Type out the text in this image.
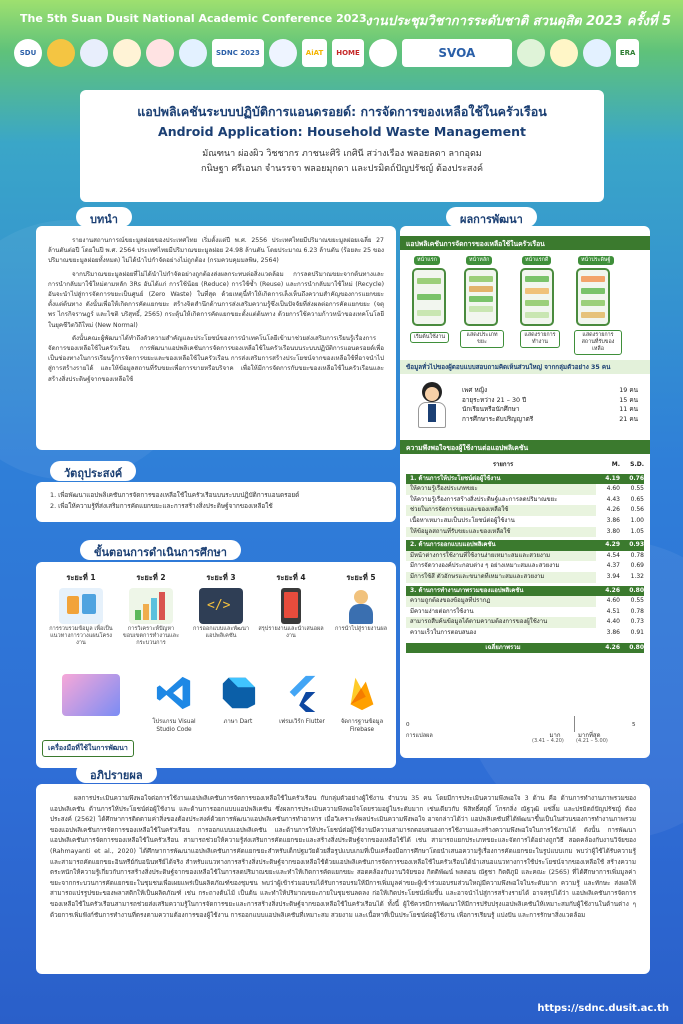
The 5th Suan Dusit National Academic Conference 2023
งานประชุมวิชาการระดับชาติ สวนดุสิต 2023 ครั้งที่ 5
SDU	SDNC 2023	AiAT HOME	SVOA	ERA
แอปพลิเคชันระบบปฏิบัติการแอนดรอยด์: การจัดการของเหลือใช้ในครัวเรือน
Android Application: Household Waste Management
มัณฑนา ผ่องผิว วิชชากร ภาชนะศิริ เกศินี สว่างเรือง พลอยลดา ลากอุดม
กนิษฐา ศรีเอนก จำนรรจา พลอยมุกดา และปรมิตถ์ปัญปรัชญ์ ต้องประสงค์
บทนำ

รายงานสถานการณ์ขยะมูลฝอยของประเทศไทย เริ่มตั้งแต่ปี พ.ศ. 2556 ประเทศไทยมีปริมาณขยะมูลฝอยเฉลี่ย 27 ล้านตันต่อปี โดยในปี พ.ศ. 2564 ประเทศไทยมีปริมาณขยะมูลฝอย 24.98 ล้านตัน โดยประมาณ 6.23 ล้านตัน (ร้อยละ 25 ของปริมาณขยะมูลฝอยทั้งหมด) ไม่ได้นำไปกำจัดอย่างไม่ถูกต้อง (กรมควบคุมมลพิษ, 2564)

จากปริมาณขยะมูลฝอยที่ไม่ได้นำไปกำจัดอย่างถูกต้องส่งผลกระทบต่อสิ่งแวดล้อม การลดปริมาณขยะจากต้นทางและการนำกลับมาใช้ใหม่ตามหลัก 3Rs อันได้แก่ การใช้น้อย (Reduce) การใช้ซ้ำ (Reuse) และการนำกลับมาใช้ใหม่ (Recycle) อันจะนำไปสู่การจัดการขยะเป็นศูนย์ (Zero Waste) ในที่สุด ด้วยเหตุนี้ทำให้เกิดการเล็งเห็นถึงความสำคัญของการแยกขยะตั้งแต่ต้นทาง ดังนั้นเพื่อให้เกิดการคัดแยกขยะ สร้างจิตสำนึกด้านการส่งเสริมความรู้ซึ่งเป็นปัจจัยที่ส่งผลต่อการคัดแยกขยะ (จตุพร ไกรกิจราษฎร์ และไชติ บริสุทธิ์, 2565) กระตุ้นให้เกิดการคัดแยกขยะตั้งแต่ต้นทาง ด้วยการใช้ความก้าวหน้าของเทคโนโลยีในยุคชีวิตวิถีใหม่ (New Normal)

ดังนั้นคณะผู้พัฒนาได้ทำถึงตัวความสำคัญและประโยชน์ของการนำเทคโนโลยีเข้ามาช่วยส่งเสริมการเรียนรู้เรื่องการจัดการของเหลือใช้ในครัวเรือน การพัฒนาแอปพลิเคชันการจัดการของเหลือใช้ในครัวเรือนบนระบบปฏิบัติการแอนดรอยด์เพื่อเป็นช่องทางในการเรียนรู้การจัดการขยะและของเหลือใช้ในครัวเรือน การส่งเสริมการสร้างประโยชน์จากของเหลือใช้ที่อาจนำไปสู่การสร้างรายได้ และให้ข้อมูลสถานที่รับขยะเพื่อการขายหรือบริจาค เพื่อให้มีการจัดการกับขยะของเหลือใช้ในครัวเรือนและสร้างสิ่งประดิษฐ์จากของเหลือใช้

วัตถุประสงค์
1. เพื่อพัฒนาแอปพลิเคชันการจัดการของเหลือใช้ในครัวเรือนบนระบบปฏิบัติการแอนดรอยด์
2. เพื่อให้ความรู้ที่ส่งเสริมการคัดแยกขยะและการสร้างสิ่งประดิษฐ์จากของเหลือใช้
ขั้นตอนการดำเนินการศึกษา
ระยะที่ 1
การรวบรวมข้อมูล เพื่อเป็นแนวทางการวางแผนโครงงาน
ระยะที่ 2
การวิเคราะห์ปัญหา ขอบเขตการทำงานและกระบวนการ
ระยะที่ 3
</>
การออกแบบและพัฒนาแอปพลิเคชัน
ระยะที่ 4
สรุปรายงานและนำเสนอผลงาน
ระยะที่ 5
การนำไปสู่รายงานผล
เครื่องมือที่ใช้ในการพัฒนา
โปรแกรม Visual Studio Code
ภาษา Dart	เฟรมเวิร์ก Flutter	จัดการฐานข้อมูล Firebase
ผลการพัฒนา
แอปพลิเคชันการจัดการของเหลือใช้ในครัวเรือน
หน้าแรก	หน้าหลัก	หน้าแรกดี	หน้าประดิษฐ์
เริ่มต้นใช้งาน	แสดงประเภทขยะ
แสดงรายการทำงาน
แสดงรายการสถานที่รับของเหลือ
ข้อมูลทั่วไปของผู้ตอบแบบสอบถามคิดเห็นส่วนใหญ่ จากกลุ่มตัวอย่าง 35 คน
เพศ หญิง	19 คน
อายุระหว่าง 21 – 30 ปี	15 คน
นักเรียนหรือนักศึกษา	11 คน
การศึกษาระดับปริญญาตรี	21 คน
ความพึงพอใจของผู้ใช้งานต่อแอปพลิเคชัน
รายการ	M.	S.D.
1. ด้านการให้ประโยชน์ต่อผู้ใช้งาน	4.19	0.76
ให้ความรู้เรื่องประเภทขยะ	4.60	0.55
ให้ความรู้เรื่องการสร้างสิ่งประดิษฐ์และการลดปริมาณขยะ	4.43	0.65
ช่วยในการจัดการขยะและของเหลือใช้	4.26	0.56
เนื้อหาเหมาะสมเป็นประโยชน์ต่อผู้ใช้งาน	3.86	1.00
ให้ข้อมูลสถานที่รับขยะและของเหลือใช้	3.80	1.05
2. ด้านการออกแบบแอปพลิเคชัน	4.29	0.93
มีหน้าต่างการใช้งานที่ใช้งานง่ายเหมาะสมและสวยงาม	4.54	0.78
มีการจัดวางองค์ประกอบต่าง ๆ อย่างเหมาะสมและสวยงาม	4.37	0.69
มีการใช้สี ตัวอักษรและขนาดที่เหมาะสมและสวยงาม	3.94	1.32
3. ด้านการทำงานภาพรวมของแอปพลิเคชัน	4.26	0.80
ความถูกต้องของข้อมูลที่ปรากฏ	4.60	0.55
มีความง่ายต่อการใช้งาน	4.51	0.78
สามารถสืบค้นข้อมูลได้ตามความต้องการของผู้ใช้งาน	4.40	0.73
ความเร็วในการตอบสนอง	3.86	0.91
เฉลี่ยภาพรวม	4.26	0.80
0
การแปลผล	มาก
(3.41 – 4.20)
มากที่สุด
(4.21 – 5.00)
5
อภิปรายผล

ผลการประเมินความพึงพอใจต่อการใช้งานแอปพลิเคชันการจัดการของเหลือใช้ในครัวเรือน กับกลุ่มตัวอย่างผู้ใช้งาน จำนวน 35 คน โดยมีการประเมินความพึงพอใจ 3 ด้าน คือ ด้านการทำงานภาพรวมของแอปพลิเคชัน ด้านการให้ประโยชน์ต่อผู้ใช้งาน และด้านการออกแบบแอปพลิเคชัน ซึ่งผลการประเมินความพึงพอใจโดยรวมอยู่ในระดับมาก เช่นเดียวกับ พิสิทธิ์ศฤดิ์ โกรกลิ่ง ณัฐวุฒิ แซ่ลิ้ม และปรมิตถ์ปัญปรัชญ์ ต้องประสงค์ (2562) ได้ศึกษาการติดตามค่าสิ่งของต้องประสงค์ด้วยการพัฒนาแอปพลิเคชันการทำอาหาร เมื่อวิเคราะห์ผลประเมินความพึงพอใจ อาจกล่าวได้ว่า แอปพลิเคชันที่ได้พัฒนาขึ้นเป็นในส่วนของการทำงานภาพรวมของแอปพลิเคชันการจัดการของเหลือใช้ในครัวเรือน การออกแบบแอปพลิเคชัน และด้านการให้ประโยชน์ต่อผู้ใช้งานมีความสามารถตอบสนองการใช้งานและสร้างความพึงพอใจในการใช้งานได้ ดังนั้น การพัฒนาแอปพลิเคชันการจัดการของเหลือใช้ในครัวเรือน สามารถช่วยให้ความรู้ส่งเสริมการคัดแยกขยะและสร้างสิ่งประดิษฐ์จากของเหลือใช้ได้ เช่น สามารถแยกประเภทขยะและจัดการได้อย่างถูกวิธี สอดคล้องกับงานวิจัยของ (Rahmayanti et al., 2020) ได้ศึกษาการพัฒนาแอปพลิเคชันการคัดแยกขยะสำหรับเด็กปฐมวัยด้วยสื่อรูปแบบเกมที่เป็นเครื่องมือการศึกษาโดยนำเสนอความรู้เรื่องการคัดแยกขยะในรูปแบบเกม พบว่าผู้ใช้ได้รับความรู้และสามารถคัดแยกขยะอินทรีย์กับอนินทรีย์ได้จริง สำหรับแนวทางการสร้างสิ่งประดิษฐ์จากของเหลือใช้ด้วยแอปพลิเคชันการจัดการของเหลือใช้ในครัวเรือนได้นำเสนอแนวทางการใช้ประโยชน์จากของเหลือใช้ สร้างความตระหนักให้ความรู้เกี่ยวกับการสร้างสิ่งประดิษฐ์จากของเหลือใช้ในการลดปริมาณขยะและทำให้เกิดการคัดแยกขยะ สอดคล้องกับงานวิจัยของ กิตติพัฒน์ พลดอน ณัฐชา กิตติภูมิ และคณะ (2565) ที่ได้ศึกษาการเพิ่มมูลค่าขยะจากกระบวนการคัดแยกขยะในชุมชนเพื่อเผยแพร่เป็นผลิตภัณฑ์ของชุมชน พบว่าผู้เข้าร่วมอบรมได้รับการอบรมให้มีการเพิ่มมูลค่าขยะผู้เข้าร่วมอบรมส่วนใหญ่มีความพึงพอใจในระดับมาก ความรู้ และทักษะ ส่งผลให้สามารถแปรรูปขยะของพลาสติกให้เป็นผลิตภัณฑ์ เช่น กระถางต้นไม้ เป็นต้น และทำให้ปริมาณขยะภายในชุมชนลดลง ก่อให้เกิดประโยชน์เพิ่มขึ้น และอาจนำไปสู่การสร้างรายได้ อาจสรุปได้ว่า แอปพลิเคชันการจัดการของเหลือใช้ในครัวเรือนสามารถช่วยส่งเสริมความรู้ในการจัดการขยะและการสร้างสิ่งประดิษฐ์จากของเหลือใช้ในครัวเรือนได้ ทั้งนี้ ผู้ใช้ควรมีการพัฒนาให้มีการปรับปรุงแอปพลิเคชันให้เหมาะสมกับผู้ใช้งานในด้านต่าง ๆ ด้วยการเพิ่มฟังก์ชันการทำงานที่ตรงตามความต้องการของผู้ใช้งาน การออกแบบแอปพลิเคชันที่เหมาะสม สวยงาม และเนื้อหาที่เป็นประโยชน์ต่อผู้ใช้งาน เพื่อการเรียนรู้ แบ่งปัน และการรักษาสิ่งแวดล้อม

https://sdnc.dusit.ac.th
